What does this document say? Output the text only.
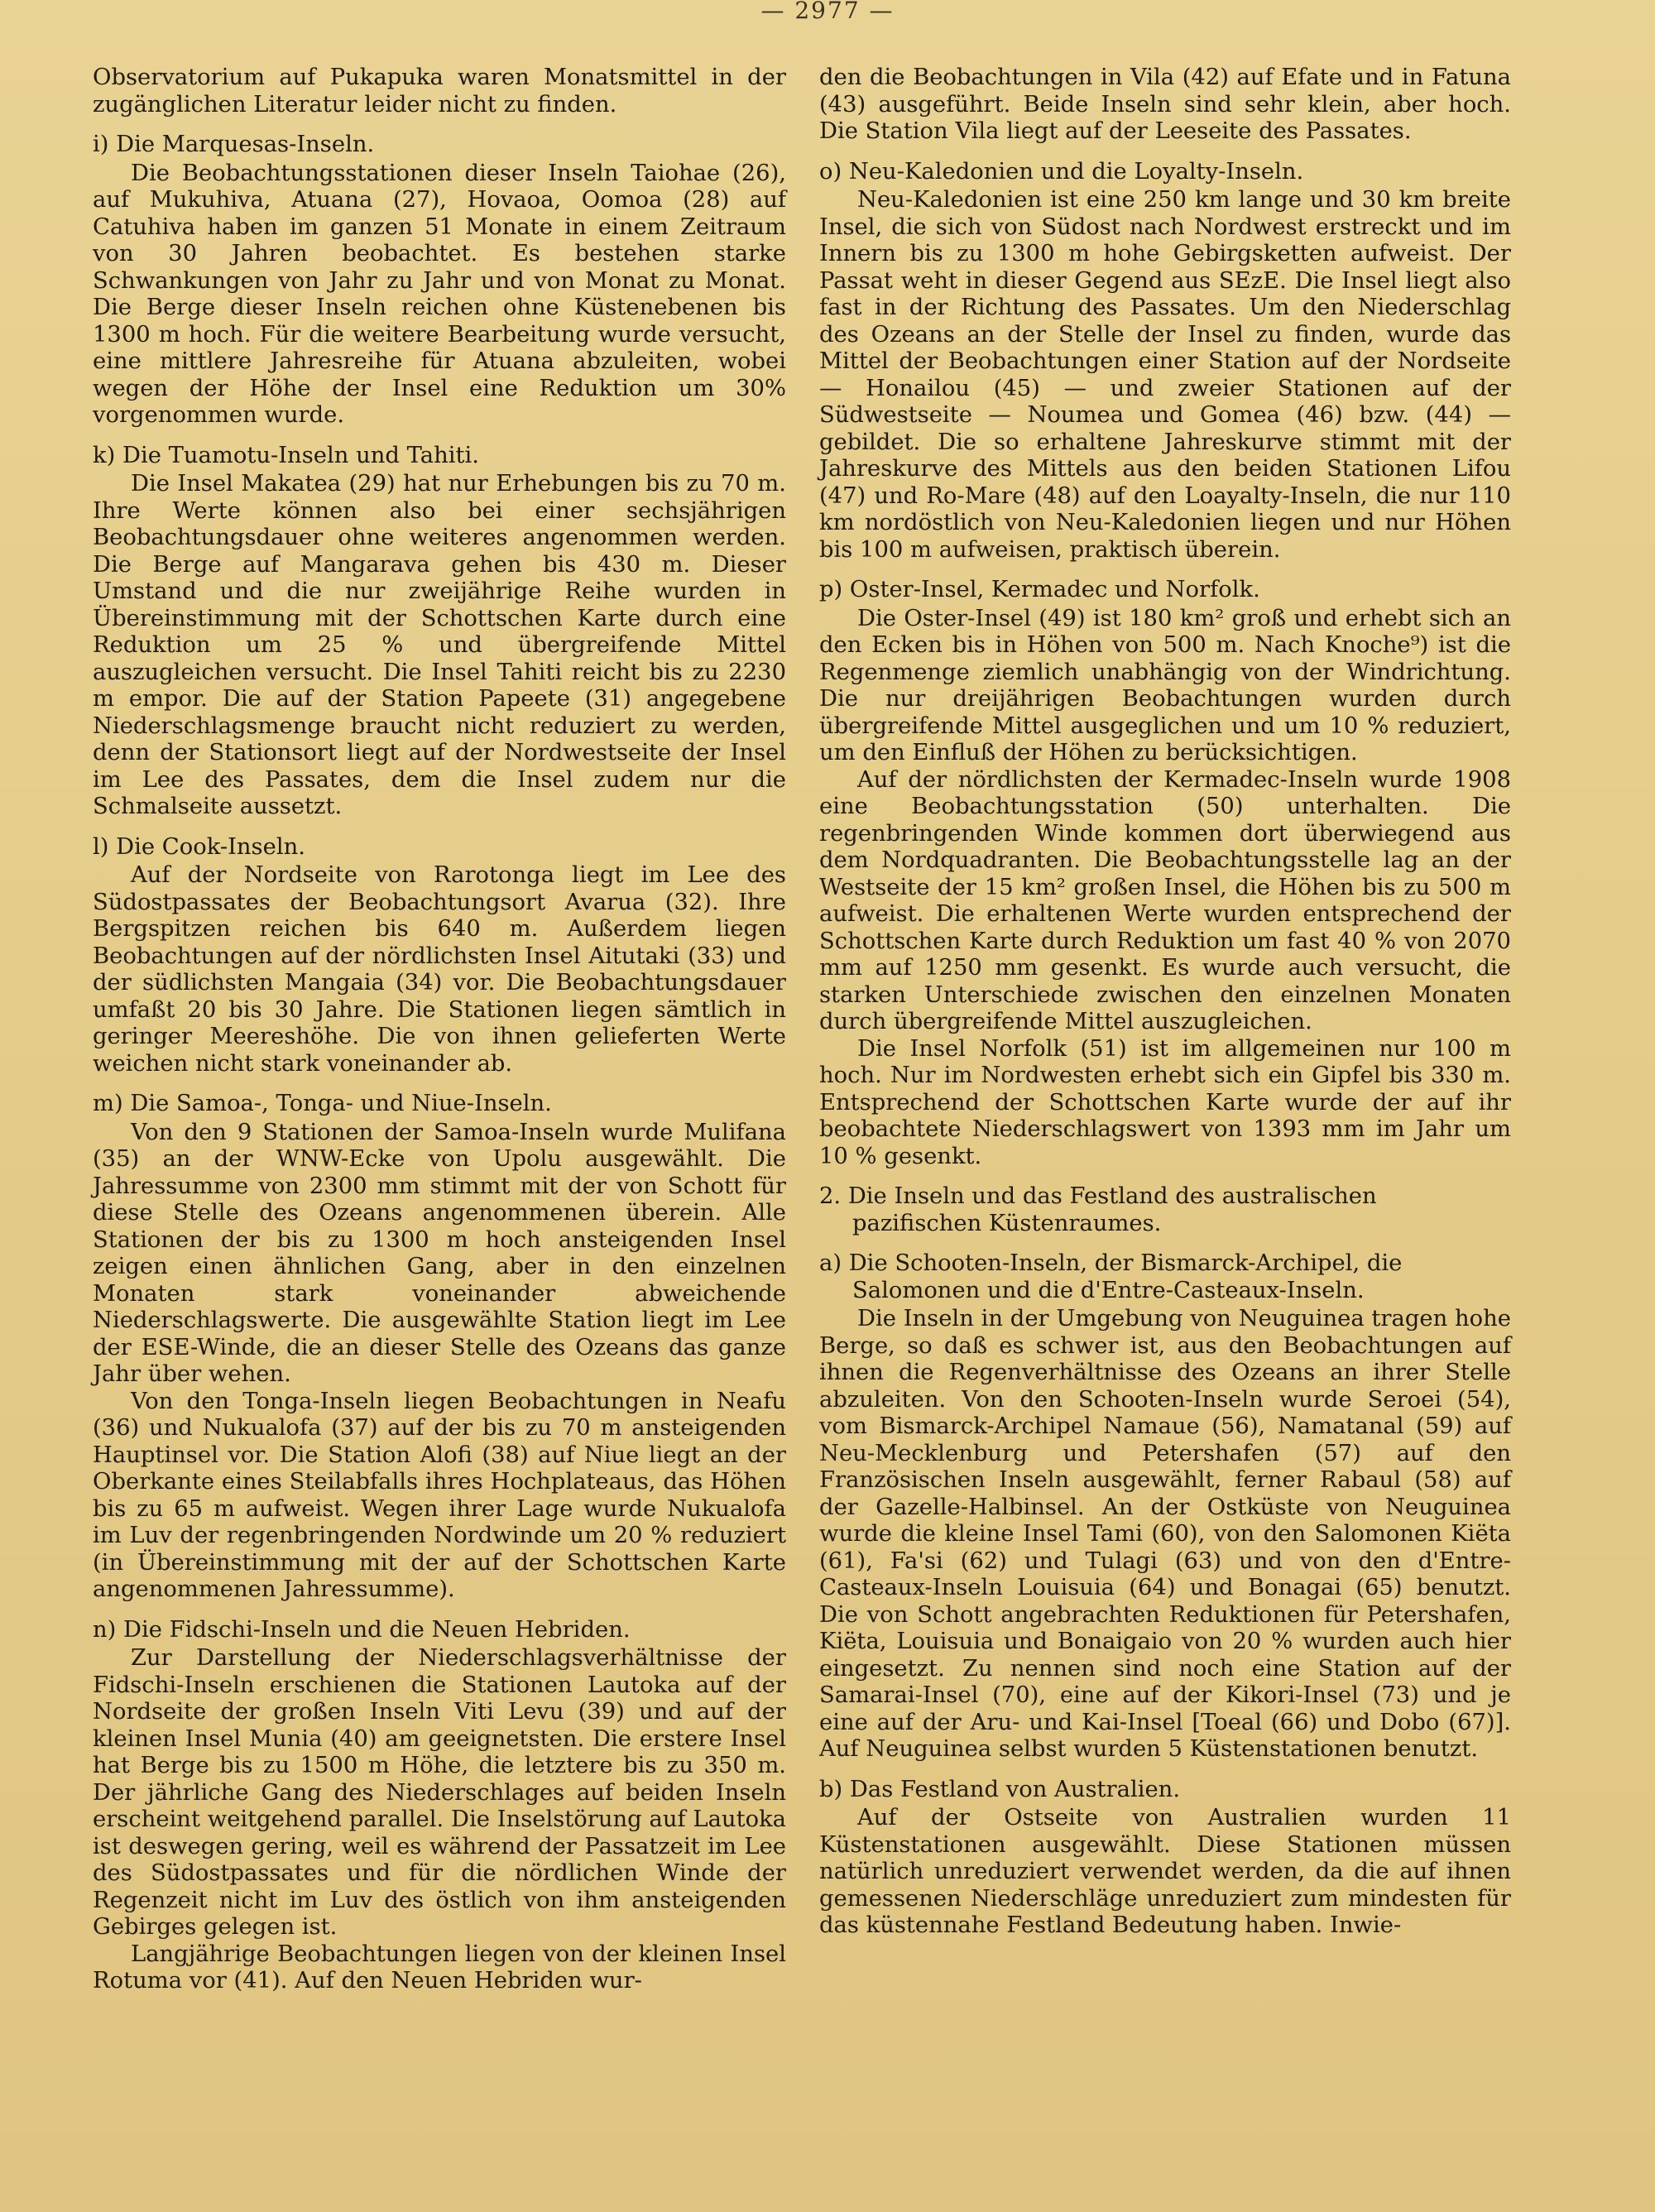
— 2977 —

Observatorium auf Pukapuka waren Monatsmittel in der zugänglichen Literatur leider nicht zu finden.

i) Die Marquesas-Inseln.

Die Beobachtungsstationen dieser Inseln Taiohae (26), auf Mukuhiva, Atuana (27), Hovaoa, Oomoa (28) auf Catuhiva haben im ganzen 51 Monate in einem Zeitraum von 30 Jahren beobachtet. Es bestehen starke Schwankungen von Jahr zu Jahr und von Monat zu Monat. Die Berge dieser Inseln reichen ohne Küstenebenen bis 1300 m hoch. Für die weitere Bearbeitung wurde versucht, eine mittlere Jahresreihe für Atuana abzuleiten, wobei wegen der Höhe der Insel eine Reduktion um 30% vorgenommen wurde.

k) Die Tuamotu-Inseln und Tahiti.

Die Insel Makatea (29) hat nur Erhebungen bis zu 70 m. Ihre Werte können also bei einer sechsjährigen Beobachtungsdauer ohne weiteres angenommen werden. Die Berge auf Mangarava gehen bis 430 m. Dieser Umstand und die nur zweijährige Reihe wurden in Übereinstimmung mit der Schottschen Karte durch eine Reduktion um 25 % und übergreifende Mittel auszugleichen versucht. Die Insel Tahiti reicht bis zu 2230 m empor. Die auf der Station Papeete (31) angegebene Niederschlagsmenge braucht nicht reduziert zu werden, denn der Stationsort liegt auf der Nordwestseite der Insel im Lee des Passates, dem die Insel zudem nur die Schmalseite aussetzt.

l) Die Cook-Inseln.

Auf der Nordseite von Rarotonga liegt im Lee des Südostpassates der Beobachtungsort Avarua (32). Ihre Bergspitzen reichen bis 640 m. Außerdem liegen Beobachtungen auf der nördlichsten Insel Aitutaki (33) und der südlichsten Mangaia (34) vor. Die Beobachtungsdauer umfaßt 20 bis 30 Jahre. Die Stationen liegen sämtlich in geringer Meereshöhe. Die von ihnen gelieferten Werte weichen nicht stark voneinander ab.

m) Die Samoa-, Tonga- und Niue-Inseln.

Von den 9 Stationen der Samoa-Inseln wurde Mulifana (35) an der WNW-Ecke von Upolu ausgewählt. Die Jahressumme von 2300 mm stimmt mit der von Schott für diese Stelle des Ozeans angenommenen überein. Alle Stationen der bis zu 1300 m hoch ansteigenden Insel zeigen einen ähnlichen Gang, aber in den einzelnen Monaten stark voneinander abweichende Niederschlagswerte. Die ausgewählte Station liegt im Lee der ESE-Winde, die an dieser Stelle des Ozeans das ganze Jahr über wehen.

Von den Tonga-Inseln liegen Beobachtungen in Neafu (36) und Nukualofa (37) auf der bis zu 70 m ansteigenden Hauptinsel vor. Die Station Alofi (38) auf Niue liegt an der Oberkante eines Steilabfalls ihres Hochplateaus, das Höhen bis zu 65 m aufweist. Wegen ihrer Lage wurde Nukualofa im Luv der regenbringenden Nordwinde um 20 % reduziert (in Übereinstimmung mit der auf der Schottschen Karte angenommenen Jahressumme).

n) Die Fidschi-Inseln und die Neuen Hebriden.

Zur Darstellung der Niederschlagsverhältnisse der Fidschi-Inseln erschienen die Stationen Lautoka auf der Nordseite der großen Inseln Viti Levu (39) und auf der kleinen Insel Munia (40) am geeignetsten. Die erstere Insel hat Berge bis zu 1500 m Höhe, die letztere bis zu 350 m. Der jährliche Gang des Niederschlages auf beiden Inseln erscheint weitgehend parallel. Die Inselstörung auf Lautoka ist deswegen gering, weil es während der Passatzeit im Lee des Südostpassates und für die nördlichen Winde der Regenzeit nicht im Luv des östlich von ihm ansteigenden Gebirges gelegen ist.

Langjährige Beobachtungen liegen von der kleinen Insel Rotuma vor (41). Auf den Neuen Hebriden wur-

den die Beobachtungen in Vila (42) auf Efate und in Fatuna (43) ausgeführt. Beide Inseln sind sehr klein, aber hoch. Die Station Vila liegt auf der Leeseite des Passates.

o) Neu-Kaledonien und die Loyalty-Inseln.

Neu-Kaledonien ist eine 250 km lange und 30 km breite Insel, die sich von Südost nach Nordwest erstreckt und im Innern bis zu 1300 m hohe Gebirgsketten aufweist. Der Passat weht in dieser Gegend aus SEzE. Die Insel liegt also fast in der Richtung des Passates. Um den Niederschlag des Ozeans an der Stelle der Insel zu finden, wurde das Mittel der Beobachtungen einer Station auf der Nordseite — Honailou (45) — und zweier Stationen auf der Südwestseite — Noumea und Gomea (46) bzw. (44) — gebildet. Die so erhaltene Jahreskurve stimmt mit der Jahreskurve des Mittels aus den beiden Stationen Lifou (47) und Ro-Mare (48) auf den Loayalty-Inseln, die nur 110 km nordöstlich von Neu-Kaledonien liegen und nur Höhen bis 100 m aufweisen, praktisch überein.

p) Oster-Insel, Kermadec und Norfolk.

Die Oster-Insel (49) ist 180 km² groß und erhebt sich an den Ecken bis in Höhen von 500 m. Nach Knoche⁹) ist die Regenmenge ziemlich unabhängig von der Windrichtung. Die nur dreijährigen Beobachtungen wurden durch übergreifende Mittel ausgeglichen und um 10 % reduziert, um den Einfluß der Höhen zu berücksichtigen.

Auf der nördlichsten der Kermadec-Inseln wurde 1908 eine Beobachtungsstation (50) unterhalten. Die regenbringenden Winde kommen dort überwiegend aus dem Nordquadranten. Die Beobachtungsstelle lag an der Westseite der 15 km² großen Insel, die Höhen bis zu 500 m aufweist. Die erhaltenen Werte wurden entsprechend der Schottschen Karte durch Reduktion um fast 40 % von 2070 mm auf 1250 mm gesenkt. Es wurde auch versucht, die starken Unterschiede zwischen den einzelnen Monaten durch übergreifende Mittel auszugleichen.

Die Insel Norfolk (51) ist im allgemeinen nur 100 m hoch. Nur im Nordwesten erhebt sich ein Gipfel bis 330 m. Entsprechend der Schottschen Karte wurde der auf ihr beobachtete Niederschlagswert von 1393 mm im Jahr um 10 % gesenkt.

2. Die Inseln und das Festland des australischen pazifischen Küstenraumes.
a) Die Schooten-Inseln, der Bismarck-Archipel, die Salomonen und die d'Entre-Casteaux-Inseln.

Die Inseln in der Umgebung von Neuguinea tragen hohe Berge, so daß es schwer ist, aus den Beobachtungen auf ihnen die Regenverhältnisse des Ozeans an ihrer Stelle abzuleiten. Von den Schooten-Inseln wurde Seroei (54), vom Bismarck-Archipel Namaue (56), Namatanal (59) auf Neu-Mecklenburg und Petershafen (57) auf den Französischen Inseln ausgewählt, ferner Rabaul (58) auf der Gazelle-Halbinsel. An der Ostküste von Neuguinea wurde die kleine Insel Tami (60), von den Salomonen Kiëta (61), Fa'si (62) und Tulagi (63) und von den d'Entre-Casteaux-Inseln Louisuia (64) und Bonagai (65) benutzt. Die von Schott angebrachten Reduktionen für Petershafen, Kiëta, Louisuia und Bonaigaio von 20 % wurden auch hier eingesetzt. Zu nennen sind noch eine Station auf der Samarai-Insel (70), eine auf der Kikori-Insel (73) und je eine auf der Aru- und Kai-Insel [Toeal (66) und Dobo (67)]. Auf Neuguinea selbst wurden 5 Küstenstationen benutzt.

b) Das Festland von Australien.

Auf der Ostseite von Australien wurden 11 Küstenstationen ausgewählt. Diese Stationen müssen natürlich unreduziert verwendet werden, da die auf ihnen gemessenen Niederschläge unreduziert zum mindesten für das küstennahe Festland Bedeutung haben. Inwie-
